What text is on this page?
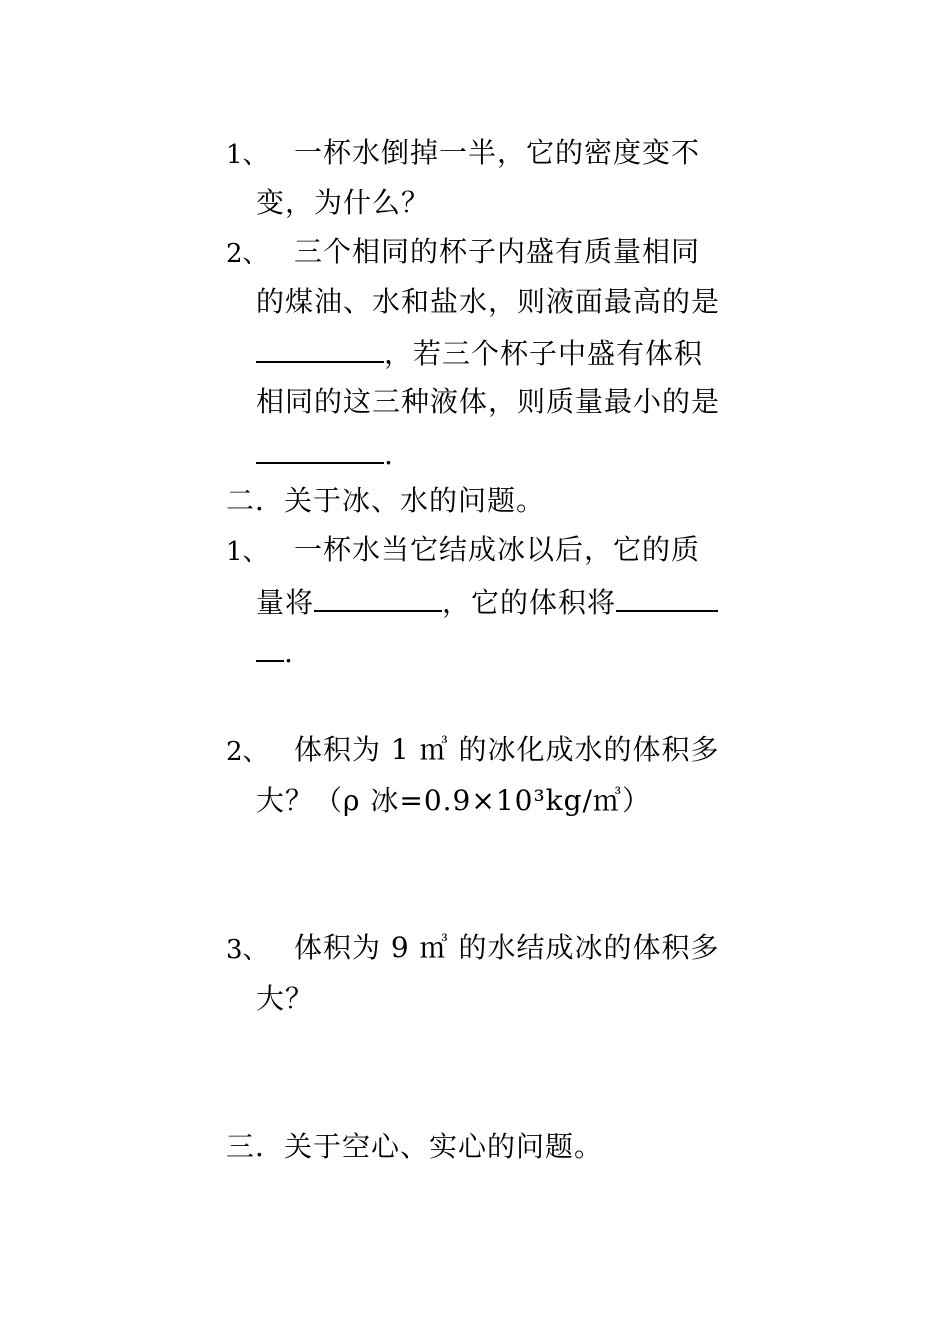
1、 一杯水倒掉一半，它的密度变不
变，为什么？
2、 三个相同的杯子内盛有质量相同
的煤油、水和盐水，则液面最高的是
，若三个杯子中盛有体积
相同的这三种液体，则质量最小的是
.
二．关于冰、水的问题。
1、 一杯水当它结成冰以后，它的质
量将	，它的体积将
.
2、 体积为 1 ㎥ 的冰化成水的体积多
大？（ρ 冰=0.9×10³kg/㎥）
3、 体积为 9 ㎥ 的水结成冰的体积多
大？
三．关于空心、实心的问题。
